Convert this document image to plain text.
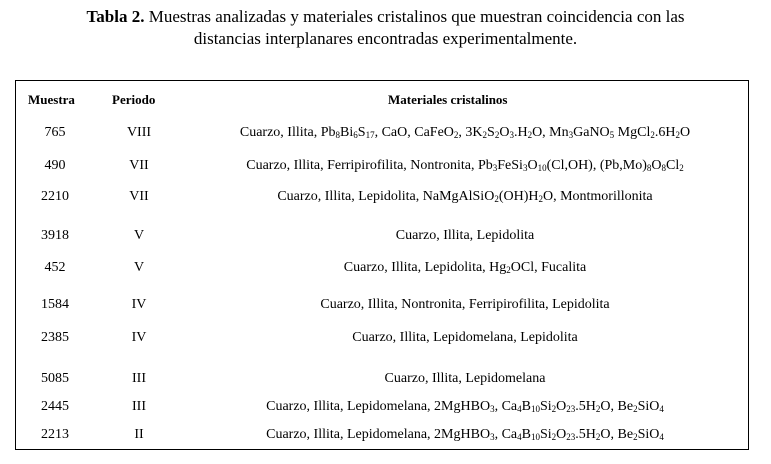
Tabla 2. Muestras analizadas y materiales cristalinos que muestran coincidencia con las
distancias interplanares encontradas experimentalmente.
Muestra	Periodo	Materiales cristalinos
765	VIII	Cuarzo, Illita, $Pb_8Bi_6S_{17}$, CaO, CaFeO$_2$, $3K_2S_2O_3.H_2O$, $Mn_3GaNO_5$ $MgCl_2.6H_2O$
490	VII	Cuarzo, Illita, Ferripirofilita, Nontronita, $Pb_3FeSi_3O_{10}(Cl,OH)$, $(Pb,Mo)_8O_8Cl_2$
2210	VII	Cuarzo, Illita, Lepidolita, $NaMgAlSiO_2(OH)H_2O$, Montmorillonita
3918	V	Cuarzo, Illita, Lepidolita
452	V	Cuarzo, Illita, Lepidolita, $Hg_2OCl$, Fucalita
1584	IV	Cuarzo, Illita, Nontronita, Ferripirofilita, Lepidolita
2385	IV	Cuarzo, Illita, Lepidomelana, Lepidolita
5085	III	Cuarzo, Illita, Lepidomelana
2445	III	Cuarzo, Illita, Lepidomelana, 2MgHBO$_3$, $Ca_4B_{10}Si_2O_{23}.5H_2O$, $Be_2SiO_4$
2213	II	Cuarzo, Illita, Lepidomelana, 2MgHBO$_3$, $Ca_4B_{10}Si_2O_{23}.5H_2O$, $Be_2SiO_4$
